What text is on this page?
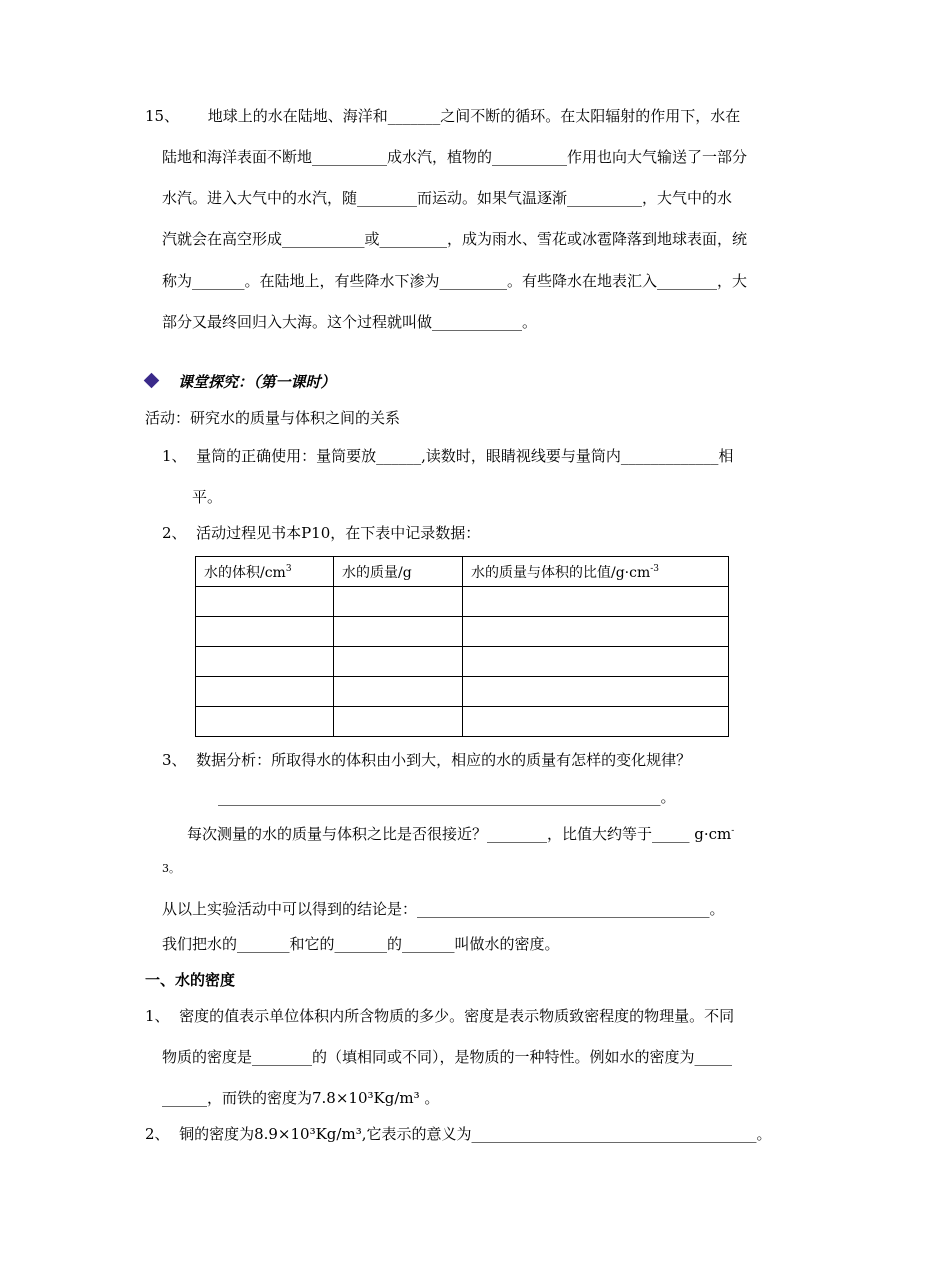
15、      地球上的水在陆地、海洋和_______之间不断的循环。在太阳辐射的作用下，水在
陆地和海洋表面不断地__________成水汽，植物的__________作用也向大气输送了一部分
水汽。进入大气中的水汽，随________而运动。如果气温逐渐__________，大气中的水
汽就会在高空形成___________或_________，成为雨水、雪花或冰雹降落到地球表面，统
称为_______。在陆地上，有些降水下渗为_________。有些降水在地表汇入________，大
部分又最终回归入大海。这个过程就叫做____________。
课堂探究：（第一课时）
活动：研究水的质量与体积之间的关系
1、  量筒的正确使用：量筒要放______,读数时，眼睛视线要与量筒内_____________相
平。
2、  活动过程见书本P10，在下表中记录数据：
水的体积$/cm^3$	水的质量/g	水的质量与体积的比值$/g\cdot cm^{-3}$

3、  数据分析：所取得水的体积由小到大，相应的水的质量有怎样的变化规律？
___________________________________________________________。
每次测量的水的质量与体积之比是否很接近？________，比值大约等于_____ g·cm-
3。
从以上实验活动中可以得到的结论是：_______________________________________。
我们把水的_______和它的_______的_______叫做水的密度。
一、水的密度
1、  密度的值表示单位体积内所含物质的多少。密度是表示物质致密程度的物理量。不同
物质的密度是________的（填相同或不同），是物质的一种特性。例如水的密度为_____
______，而铁的密度为7.8×10³Kg/m³ 。
2、  铜的密度为8.9×10³Kg/m³,它表示的意义为______________________________________。
